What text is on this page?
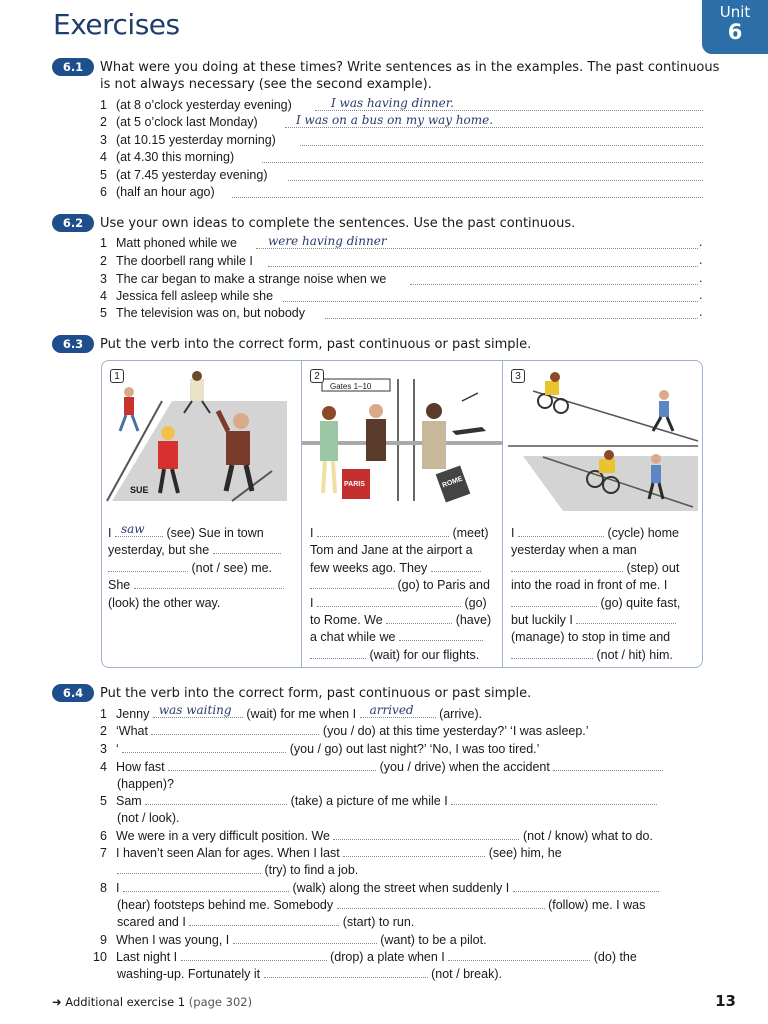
Exercises	Unit
6
6.1	What were you doing at these times? Write sentences as in the examples. The past continuous
is not always necessary (see the second example).
1 (at 8 o’clock yesterday evening)	I was having dinner.
2 (at 5 o’clock last Monday)	I was on a bus on my way home.
3 (at 10.15 yesterday morning)
4 (at 4.30 this morning)
5 (at 7.45 yesterday evening)
6 (half an hour ago)
6.2	Use your own ideas to complete the sentences. Use the past continuous.
1 Matt phoned while we	were having dinner	.
2 The doorbell rang while I	.
3 The car began to make a strange noise when we	.
4 Jessica fell asleep while she	.
5 The television was on, but nobody	.
6.3	Put the verb into the correct form, past continuous or past simple.
1
SUE
I saw (see) Sue in town
yesterday, but she
(not / see) me.
She
(look) the other way.
2
Gates 1–10
PARIS	ROME
I	(meet)
Tom and Jane at the airport a
few weeks ago. They
(go) to Paris and
I	(go)
to Rome. We	(have)
a chat while we
(wait) for our flights.
3
I	(cycle) home
yesterday when a man
(step) out
into the road in front of me. I
(go) quite fast,
but luckily I
(manage) to stop in time and
(not / hit) him.
6.4	Put the verb into the correct form, past continuous or past simple.
1 Jenny was waiting (wait) for me when I arrived (arrive).
2 ‘What	(you / do) at this time yesterday?’ ‘I was asleep.’
3 ‘	(you / go) out last night?’ ‘No, I was too tired.’
4 How fast	(you / drive) when the accident
(happen)?
5 Sam	(take) a picture of me while I
(not / look).
6 We were in a very difficult position. We	(not / know) what to do.
7 I haven’t seen Alan for ages. When I last	(see) him, he
(try) to find a job.
8 I	(walk) along the street when suddenly I
(hear) footsteps behind me. Somebody	(follow) me. I was
scared and I	(start) to run.
9 When I was young, I	(want) to be a pilot.
10 Last night I	(drop) a plate when I	(do) the
washing-up. Fortunately it	(not / break).
➜ Additional exercise 1 (page 302)	13
